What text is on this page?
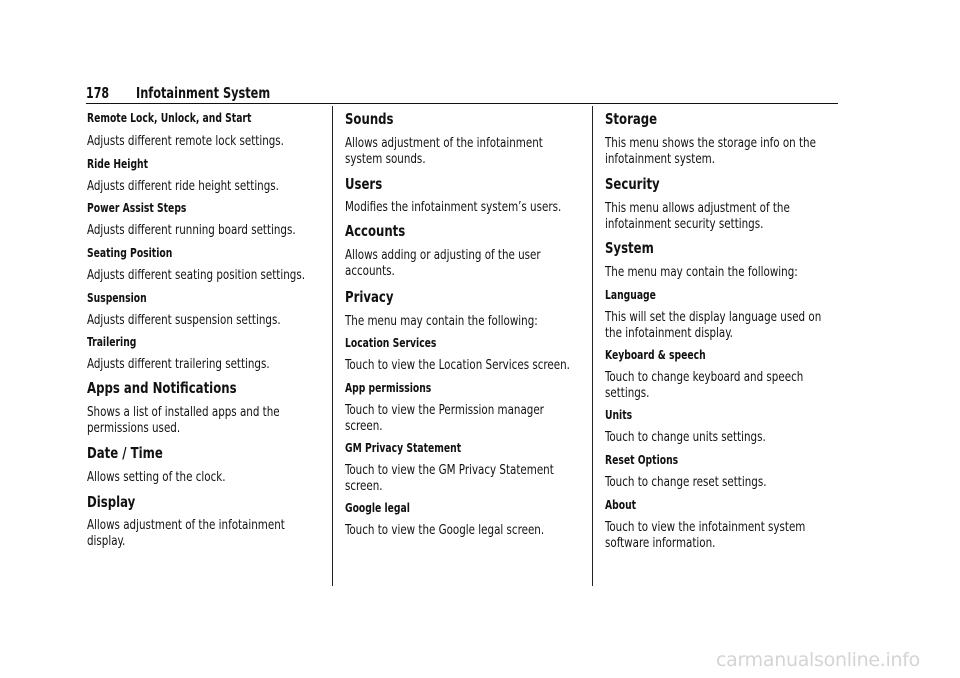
178 Infotainment System
Remote Lock, Unlock, and Start
Adjusts different remote lock settings.
Ride Height
Adjusts different ride height settings.
Power Assist Steps
Adjusts different running board settings.
Seating Position
Adjusts different seating position settings.
Suspension
Adjusts different suspension settings.
Trailering
Adjusts different trailering settings.
Apps and Notifications
Shows a list of installed apps and the
permissions used.
Date / Time
Allows setting of the clock.
Display
Allows adjustment of the infotainment
display.
Sounds
Allows adjustment of the infotainment
system sounds.
Users
Modifies the infotainment system’s users.
Accounts
Allows adding or adjusting of the user
accounts.
Privacy
The menu may contain the following:
Location Services
Touch to view the Location Services screen.
App permissions
Touch to view the Permission manager
screen.
GM Privacy Statement
Touch to view the GM Privacy Statement
screen.
Google legal
Touch to view the Google legal screen.
Storage
This menu shows the storage info on the
infotainment system.
Security
This menu allows adjustment of the
infotainment security settings.
System
The menu may contain the following:
Language
This will set the display language used on
the infotainment display.
Keyboard & speech
Touch to change keyboard and speech
settings.
Units
Touch to change units settings.
Reset Options
Touch to change reset settings.
About
Touch to view the infotainment system
software information.
carmanualsonline.info
